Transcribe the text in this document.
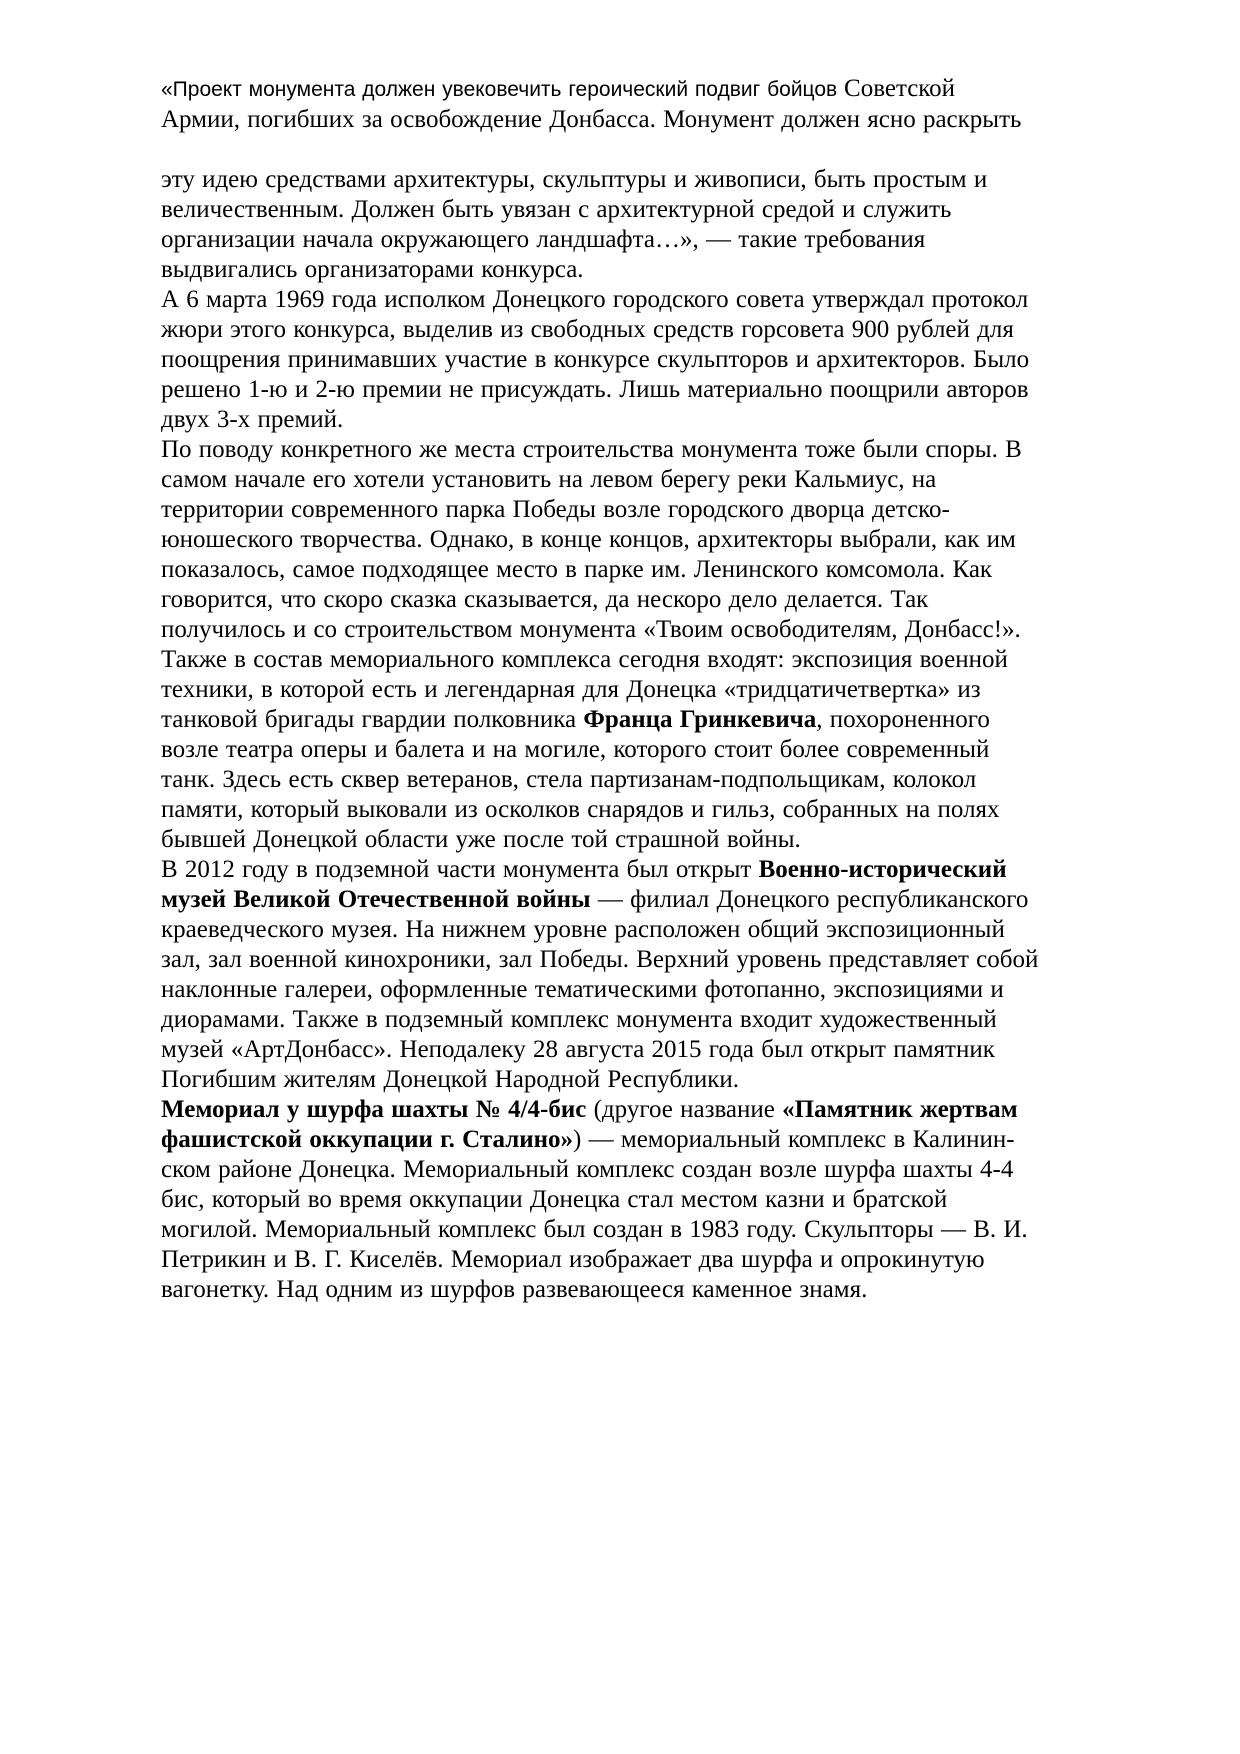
«Проект монумента должен увековечить героический подвиг бойцов Советской Армии, погибших за освобождение Донбасса. Монумент должен ясно раскрыть

эту идею средствами архитектуры, скульптуры и живописи, быть простым и величественным. Должен быть увязан с архитектурной средой и служить организации начала окружающего ландшафта…», — такие требования выдвигались организаторами конкурса.

А 6 марта 1969 года исполком Донецкого городского совета утверждал протокол жюри этого конкурса, выделив из свободных средств горсовета 900 рублей для поощрения принимавших участие в конкурсе скульпторов и архитекторов. Было решено 1-ю и 2-ю премии не присуждать. Лишь материально поощрили авторов двух 3-х премий.

По поводу конкретного же места строительства монумента тоже были споры. В самом начале его хотели установить на левом берегу реки Кальмиус, на территории современного парка Победы возле городского дворца детско-юношеского творчества. Однако, в конце концов, архитекторы выбрали, как им показалось, самое подходящее место в парке им. Ленинского комсомола. Как говорится, что скоро сказка сказывается, да нескоро дело делается. Так получилось и со строительством монумента «Твоим освободителям, Донбасс!».

Также в состав мемориального комплекса сегодня входят: экспозиция военной техники, в которой есть и легендарная для Донецка «тридцатичетвертка» из танковой бригады гвардии полковника Франца Гринкевича, похороненного возле театра оперы и балета и на могиле, которого стоит более современный танк. Здесь есть сквер ветеранов, стела партизанам-подпольщикам, колокол памяти, который выковали из осколков снарядов и гильз, собранных на полях бывшей Донецкой области уже после той страшной войны.

В 2012 году в подземной части монумента был открыт Военно-исторический музей Великой Отечественной войны — филиал Донецкого республиканского краеведческого музея. На нижнем уровне расположен общий экспозиционный зал, зал военной кинохроники, зал Победы. Верхний уровень представляет собой наклонные галереи, оформленные тематическими фотопанно, экспозициями и диорамами. Также в подземный комплекс монумента входит художественный музей «АртДонбасс». Неподалеку 28 августа 2015 года был открыт памятник Погибшим жителям Донецкой Народной Республики.

Мемориал у шурфа шахты № 4/4-бис (другое название «Памятник жертвам фашистской оккупации г. Сталино») — мемориальный комплекс в Калинин-ском районе Донецка. Мемориальный комплекс создан возле шурфа шахты 4-4 бис, который во время оккупации Донецка стал местом казни и братской могилой. Мемориальный комплекс был создан в 1983 году. Скульпторы — В. И. Петрикин и В. Г. Киселёв. Мемориал изображает два шурфа и опрокинутую вагонетку. Над одним из шурфов развевающееся каменное знамя.
